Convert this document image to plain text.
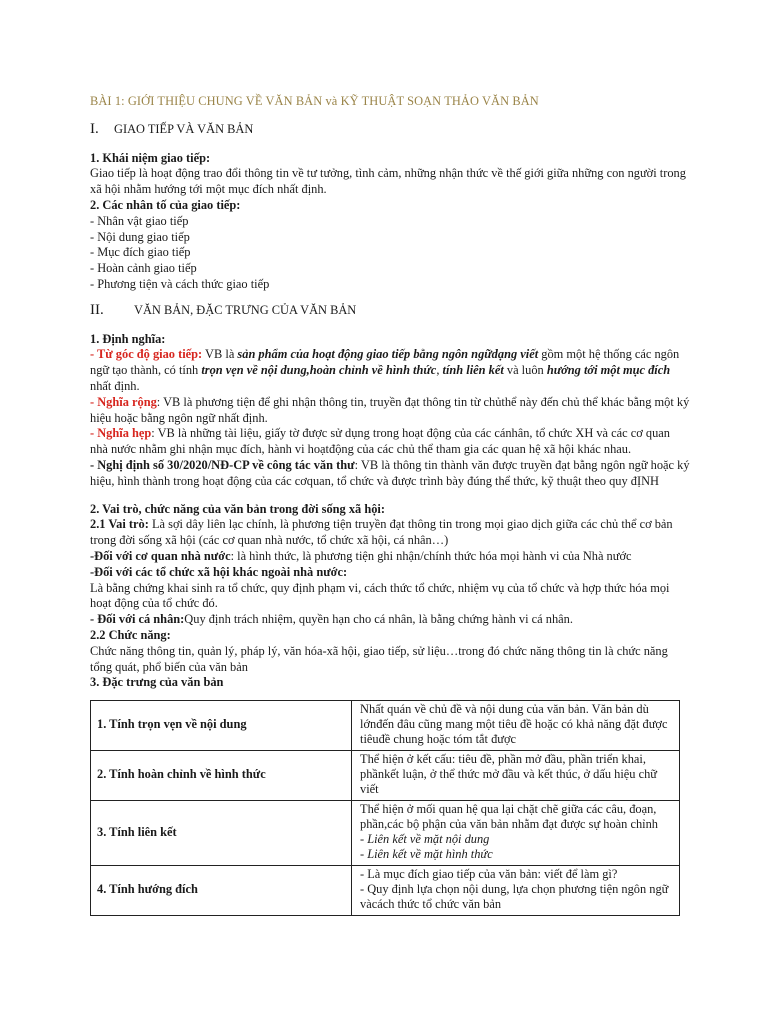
BÀI 1: GIỚI THIỆU CHUNG VỀ VĂN BẢN và KỸ THUẬT SOẠN THẢO VĂN BẢN

I.	GIAO TIẾP VÀ VĂN BẢN

1. Khái niệm giao tiếp:

Giao tiếp là hoạt động trao đổi thông tin về tư tưởng, tình cảm, những nhận thức về thế giới giữa những con người trong xã hội nhằm hướng tới một mục đích nhất định.

2. Các nhân tố của giao tiếp:

- Nhân vật giao tiếp

- Nội dung giao tiếp

- Mục đích giao tiếp

- Hoàn cảnh giao tiếp

- Phương tiện và cách thức giao tiếp

II.	VĂN BẢN, ĐẶC TRƯNG CỦA VĂN BẢN

1. Định nghĩa:

- Từ góc độ giao tiếp: VB là sản phẩm của hoạt động giao tiếp bằng ngôn ngữdạng viết gồm một hệ thống các ngôn ngữ tạo thành, có tính trọn vẹn về nội dung,hoàn chỉnh về hình thức, tính liên kết và luôn hướng tới một mục đích nhất định.

- Nghĩa rộng: VB là phương tiện để ghi nhận thông tin, truyền đạt thông tin từ chủthể này đến chủ thể khác bằng một ký hiệu hoặc bằng ngôn ngữ nhất định.

- Nghĩa hẹp: VB là những tài liệu, giấy tờ được sử dụng trong hoạt động của các cánhân, tổ chức XH và các cơ quan nhà nước nhằm ghi nhận mục đích, hành vi hoạtđộng của các chủ thể tham gia các quan hệ xã hội khác nhau.

- Nghị định số 30/2020/NĐ-CP về công tác văn thư: VB là thông tin thành văn được truyền đạt bằng ngôn ngữ hoặc ký hiệu, hình thành trong hoạt động của các cơquan, tổ chức và được trình bày đúng thể thức, kỹ thuật theo quy đỊNH

2. Vai trò, chức năng của văn bản trong đời sống xã hội:

2.1 Vai trò: Là sợi dây liên lạc chính, là phương tiện truyền đạt thông tin trong mọi giao dịch giữa các chủ thể cơ bản trong đời sống xã hội (các cơ quan nhà nước, tổ chức xã hội, cá nhân…)

-Đối với cơ quan nhà nước: là hình thức, là phương tiện ghi nhận/chính thức hóa mọi hành vi của Nhà nước

-Đối với các tổ chức xã hội khác ngoài nhà nước:

Là bằng chứng khai sinh ra tổ chức, quy định phạm vi, cách thức tổ chức, nhiệm vụ của tổ chức và hợp thức hóa mọi hoạt động của tổ chức đó.

- Đối với cá nhân:Quy định trách nhiệm, quyền hạn cho cá nhân, là bằng chứng hành vi cá nhân.

2.2 Chức năng:

Chức năng thông tin, quản lý, pháp lý, văn hóa-xã hội, giao tiếp, sử liệu…trong đó chức năng thông tin là chức năng tổng quát, phổ biến của văn bản

3. Đặc trưng của văn bản

1. Tính trọn vẹn về nội dung	Nhất quán về chủ đề và nội dung của văn bản. Văn bản dù lớnđến đâu cũng mang một tiêu đề hoặc có khả năng đặt được tiêuđề chung hoặc tóm tắt được

2. Tính hoàn chỉnh về hình thức	Thể hiện ở kết cấu: tiêu đề, phần mở đầu, phần triển khai, phầnkết luận, ở thể thức mở đầu và kết thúc, ở dấu hiệu chữ viết

3. Tính liên kết	Thể hiện ở mối quan hệ qua lại chặt chẽ giữa các câu, đoạn, phần,các bộ phận của văn bản nhằm đạt được sự hoàn chỉnh
- Liên kết về mặt nội dung
- Liên kết về mặt hình thức

4. Tính hướng đích	- Là mục đích giao tiếp của văn bản: viết để làm gì?
- Quy định lựa chọn nội dung, lựa chọn phương tiện ngôn ngữ vàcách thức tổ chức văn bản
